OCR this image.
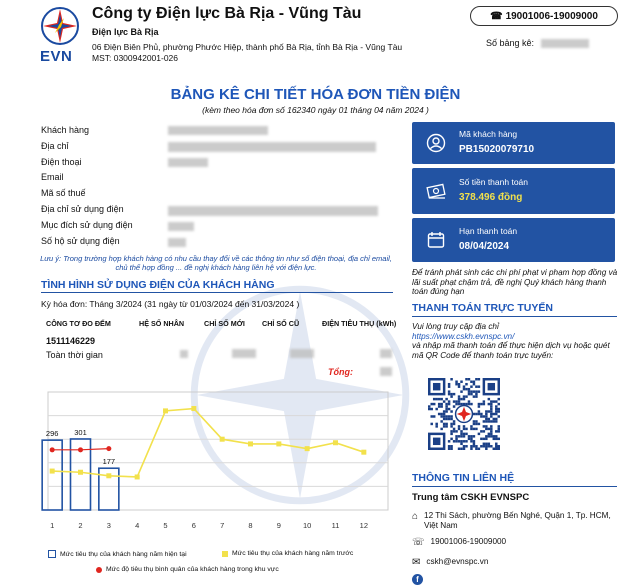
EVN
Công ty Điện lực Bà Rịa - Vũng Tàu
Điện lực Bà Rịa
06 Điện Biên Phủ, phường Phước Hiệp, thành phố Bà Rịa, tỉnh Bà Rịa - Vũng Tàu
MST: 0300942001-026
☎ 19001006-19009000
Số bảng kê:
BẢNG KÊ CHI TIẾT HÓA ĐƠN TIỀN ĐIỆN
(kèm theo hóa đơn số 162340 ngày 01 tháng 04 năm 2024 )
Khách hàng
Địa chỉ
Điện thoại
Email
Mã số thuế
Địa chỉ sử dụng điện
Mục đích sử dụng điện
Số hộ sử dụng điện
Lưu ý: Trong trường hợp khách hàng có nhu cầu thay đổi về các thông tin như số điện thoại, địa chỉ email, chủ thể hợp đồng ... đề nghị khách hàng liên hệ với điện lực.
TÌNH HÌNH SỬ DỤNG ĐIỆN CỦA KHÁCH HÀNG
Kỳ hóa đơn: Tháng 3/2024 (31 ngày từ 01/03/2024 đến 31/03/2024 )
CÔNG TƠ ĐO ĐẾM	HỆ SỐ NHÂN	CHỈ SỐ MỚI CHỈ SỐ CŨ	ĐIỆN TIÊU THỤ (kWh)
1511146229
Toàn thời gian
Tổng:
296 301
177
1	2	3	4	5	6	7	8	9	10	11	12
Mức tiêu thụ của khách hàng năm hiện tại	Mức tiêu thụ của khách hàng năm trước
Mức độ tiêu thụ bình quân của khách hàng trong khu vực
Mã khách hàng
PB15020079710
Số tiền thanh toán
378.496 đồng
Hạn thanh toán
08/04/2024
Để tránh phát sinh các chi phí phạt vi phạm hợp đồng và lãi suất phạt chậm trả, đề nghị Quý khách hàng thanh toán đúng hạn
THANH TOÁN TRỰC TUYẾN
Vui lòng truy cập địa chỉ
https://www.cskh.evnspc.vn/
và nhập mã thanh toán để thực hiện dịch vụ hoặc quét mã QR Code để thanh toán trực tuyến:
THÔNG TIN LIÊN HỆ
Trung tâm CSKH EVNSPC
⌂ 12 Thi Sách, phường Bến Nghé, Quận 1, Tp. HCM, Việt Nam
☏ 19001006-19009000
✉ cskh@evnspc.vn
f
